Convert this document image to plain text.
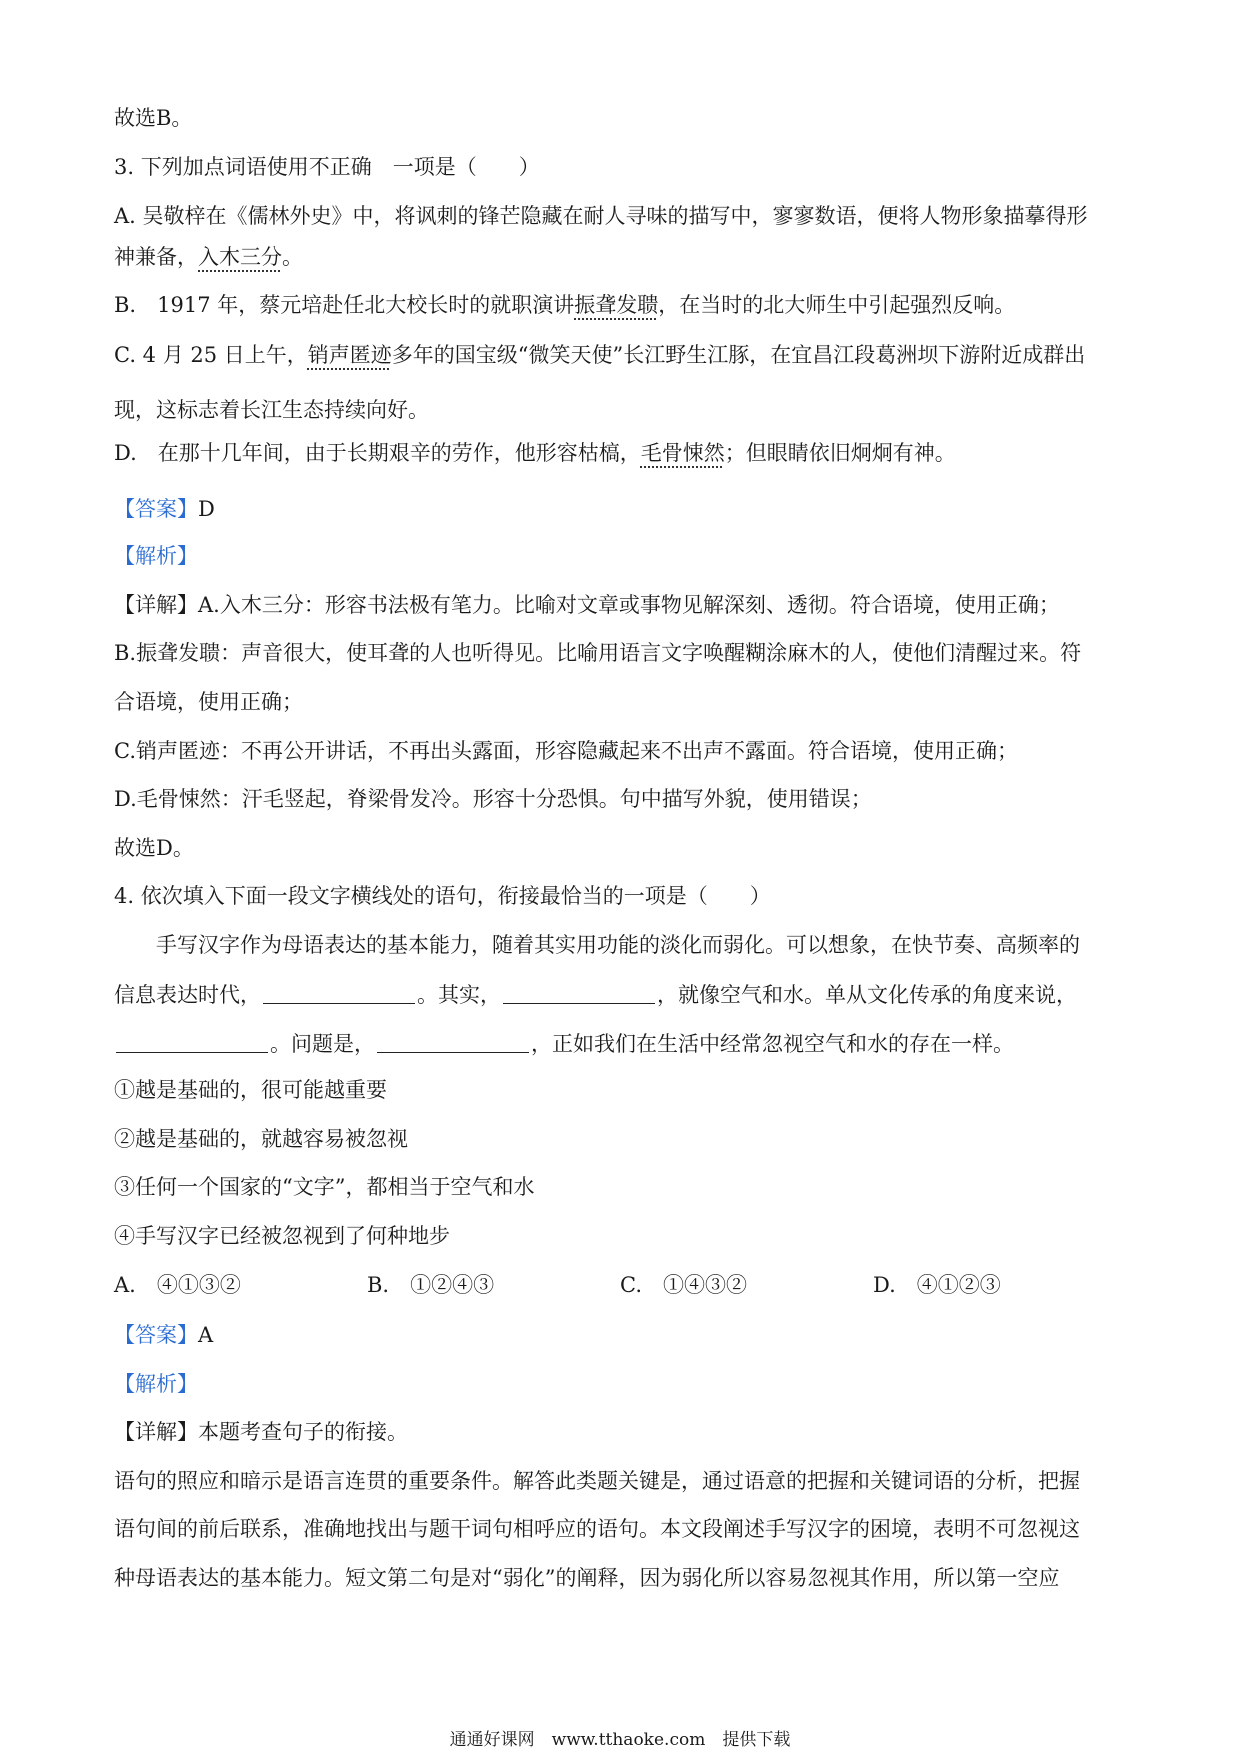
故选B。
3. 下列加点词语使用不正确　一项是（　　）
A. 吴敬梓在《儒林外史》中，将讽刺的锋芒隐藏在耐人寻味的描写中，寥寥数语，便将人物形象描摹得形
神兼备，入木三分。
B.　1917 年，蔡元培赴任北大校长时的就职演讲振聋发聩，在当时的北大师生中引起强烈反响。
C. 4 月 25 日上午，销声匿迹多年的国宝级“微笑天使”长江野生江豚，在宜昌江段葛洲坝下游附近成群出
现，这标志着长江生态持续向好。
D.　在那十几年间，由于长期艰辛的劳作，他形容枯槁，毛骨悚然；但眼睛依旧炯炯有神。
【答案】D
【解析】
【详解】A.入木三分：形容书法极有笔力。比喻对文章或事物见解深刻、透彻。符合语境，使用正确；
B.振聋发聩：声音很大，使耳聋的人也听得见。比喻用语言文字唤醒糊涂麻木的人，使他们清醒过来。符
合语境，使用正确；
C.销声匿迹：不再公开讲话，不再出头露面，形容隐藏起来不出声不露面。符合语境，使用正确；
D.毛骨悚然：汗毛竖起，脊梁骨发冷。形容十分恐惧。句中描写外貌，使用错误；
故选D。
4. 依次填入下面一段文字横线处的语句，衔接最恰当的一项是（　　）
手写汉字作为母语表达的基本能力，随着其实用功能的淡化而弱化。可以想象，在快节奏、高频率的
信息表达时代，	。其实，	，就像空气和水。单从文化传承的角度来说，
。问题是，	，正如我们在生活中经常忽视空气和水的存在一样。
①越是基础的，很可能越重要
②越是基础的，就越容易被忽视
③任何一个国家的“文字”，都相当于空气和水
④手写汉字已经被忽视到了何种地步
A.　④①③②	B.　①②④③	C.　①④③②	D.　④①②③
【答案】A
【解析】
【详解】本题考查句子的衔接。
语句的照应和暗示是语言连贯的重要条件。解答此类题关键是，通过语意的把握和关键词语的分析，把握
语句间的前后联系，准确地找出与题干词句相呼应的语句。本文段阐述手写汉字的困境，表明不可忽视这
种母语表达的基本能力。短文第二句是对“弱化”的阐释，因为弱化所以容易忽视其作用，所以第一空应
通通好课网　www.tthaoke.com　提供下载
